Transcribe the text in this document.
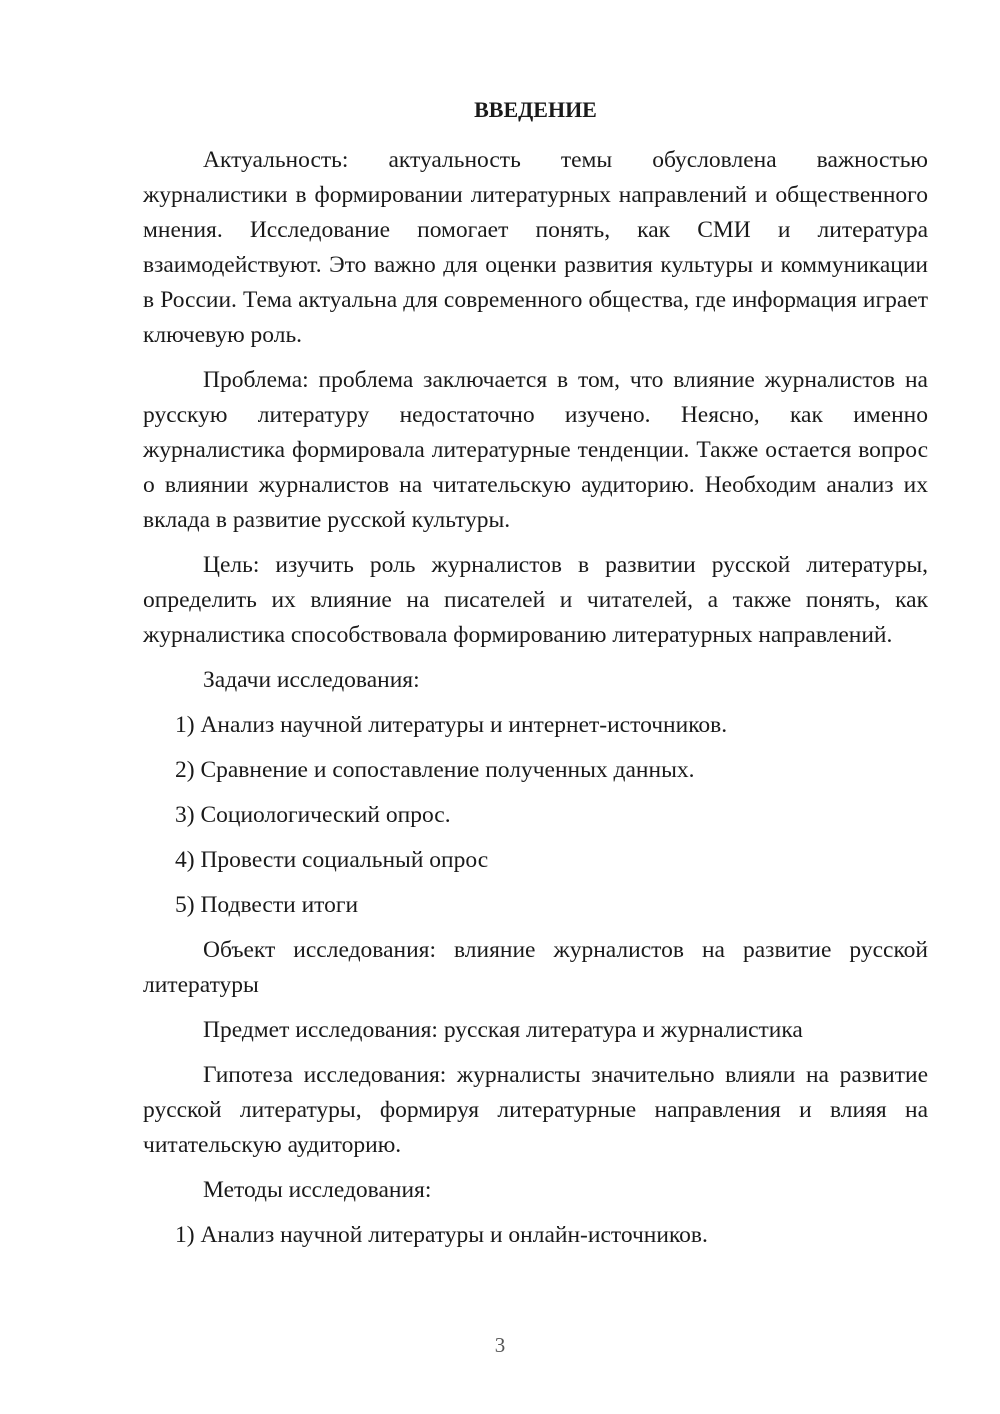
ВВЕДЕНИЕ

Актуальность: актуальность темы обусловлена важностью журналистики в формировании литературных направлений и общественного мнения. Исследование помогает понять, как СМИ и литература взаимодействуют. Это важно для оценки развития культуры и коммуникации в России. Тема актуальна для современного общества, где информация играет ключевую роль.

Проблема: проблема заключается в том, что влияние журналистов на русскую литературу недостаточно изучено. Неясно, как именно журналистика формировала литературные тенденции. Также остается вопрос о влиянии журналистов на читательскую аудиторию. Необходим анализ их вклада в развитие русской культуры.

Цель: изучить роль журналистов в развитии русской литературы, определить их влияние на писателей и читателей, а также понять, как журналистика способствовала формированию литературных направлений.

Задачи исследования:

1) Анализ научной литературы и интернет-источников.

2) Сравнение и сопоставление полученных данных.

3) Социологический опрос.

4) Провести социальный опрос

5) Подвести итоги

Объект исследования: влияние журналистов на развитие русской литературы

Предмет исследования: русская литература и журналистика

Гипотеза исследования: журналисты значительно влияли на развитие русской литературы, формируя литературные направления и влияя на читательскую аудиторию.

Методы исследования:

1) Анализ научной литературы и онлайн-источников.

3
